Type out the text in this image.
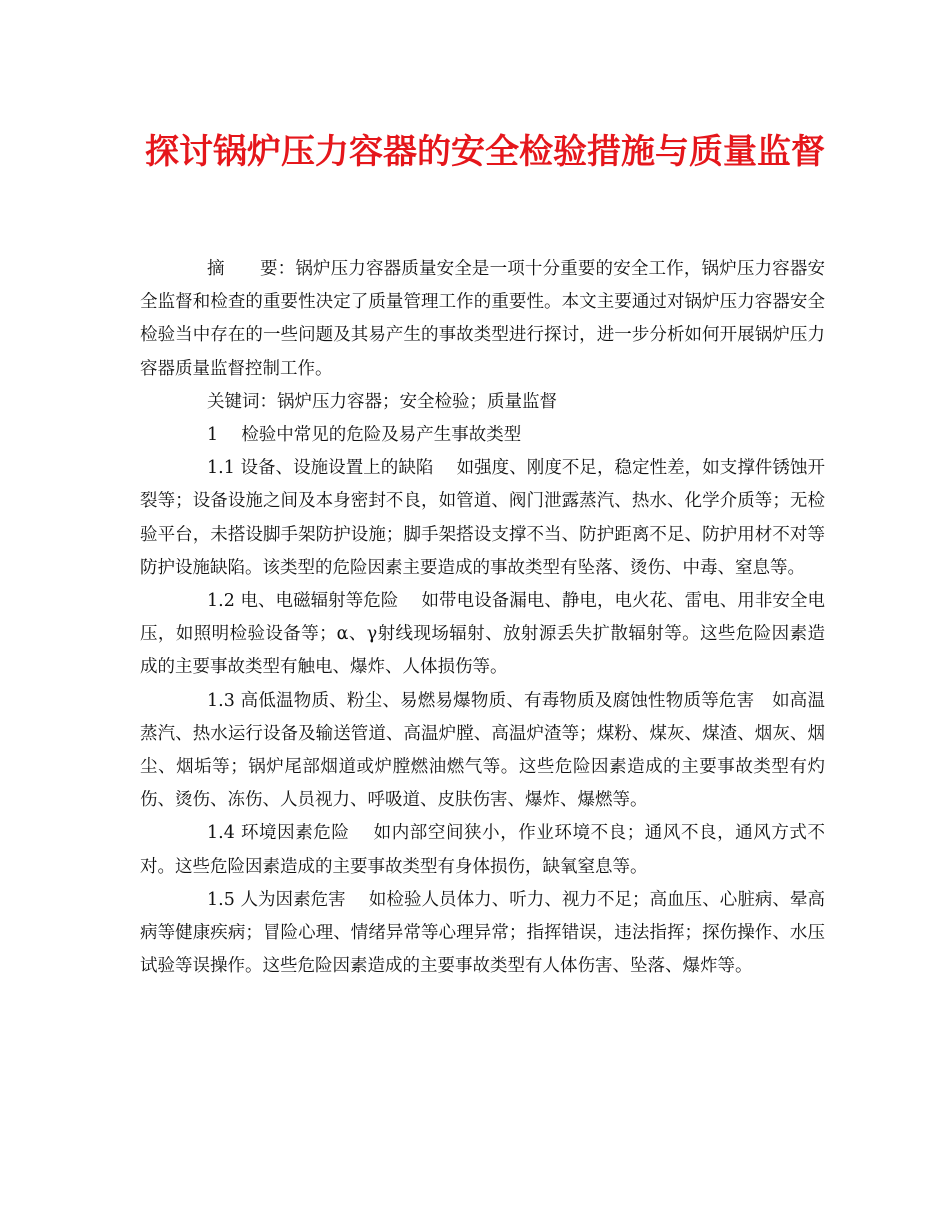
探讨锅炉压力容器的安全检验措施与质量监督

摘　　要：锅炉压力容器质量安全是一项十分重要的安全工作，锅炉压力容器安全监督和检查的重要性决定了质量管理工作的重要性。本文主要通过对锅炉压力容器安全检验当中存在的一些问题及其易产生的事故类型进行探讨，进一步分析如何开展锅炉压力容器质量监督控制工作。

关键词：锅炉压力容器；安全检验；质量监督

1　 检验中常见的危险及易产生事故类型

1.1 设备、设施设置上的缺陷　 如强度、刚度不足，稳定性差，如支撑件锈蚀开裂等；设备设施之间及本身密封不良，如管道、阀门泄露蒸汽、热水、化学介质等；无检验平台，未搭设脚手架防护设施；脚手架搭设支撑不当、防护距离不足、防护用材不对等防护设施缺陷。该类型的危险因素主要造成的事故类型有坠落、烫伤、中毒、窒息等。

1.2 电、电磁辐射等危险　 如带电设备漏电、静电，电火花、雷电、用非安全电压，如照明检验设备等；α、γ射线现场辐射、放射源丢失扩散辐射等。这些危险因素造成的主要事故类型有触电、爆炸、人体损伤等。

1.3 高低温物质、粉尘、易燃易爆物质、有毒物质及腐蚀性物质等危害　如高温蒸汽、热水运行设备及输送管道、高温炉膛、高温炉渣等；煤粉、煤灰、煤渣、烟灰、烟尘、烟垢等；锅炉尾部烟道或炉膛燃油燃气等。这些危险因素造成的主要事故类型有灼伤、烫伤、冻伤、人员视力、呼吸道、皮肤伤害、爆炸、爆燃等。

1.4 环境因素危险　 如内部空间狭小，作业环境不良；通风不良，通风方式不对。这些危险因素造成的主要事故类型有身体损伤，缺氧窒息等。

1.5 人为因素危害　 如检验人员体力、听力、视力不足；高血压、心脏病、晕高病等健康疾病；冒险心理、情绪异常等心理异常；指挥错误，违法指挥；探伤操作、水压试验等误操作。这些危险因素造成的主要事故类型有人体伤害、坠落、爆炸等。
